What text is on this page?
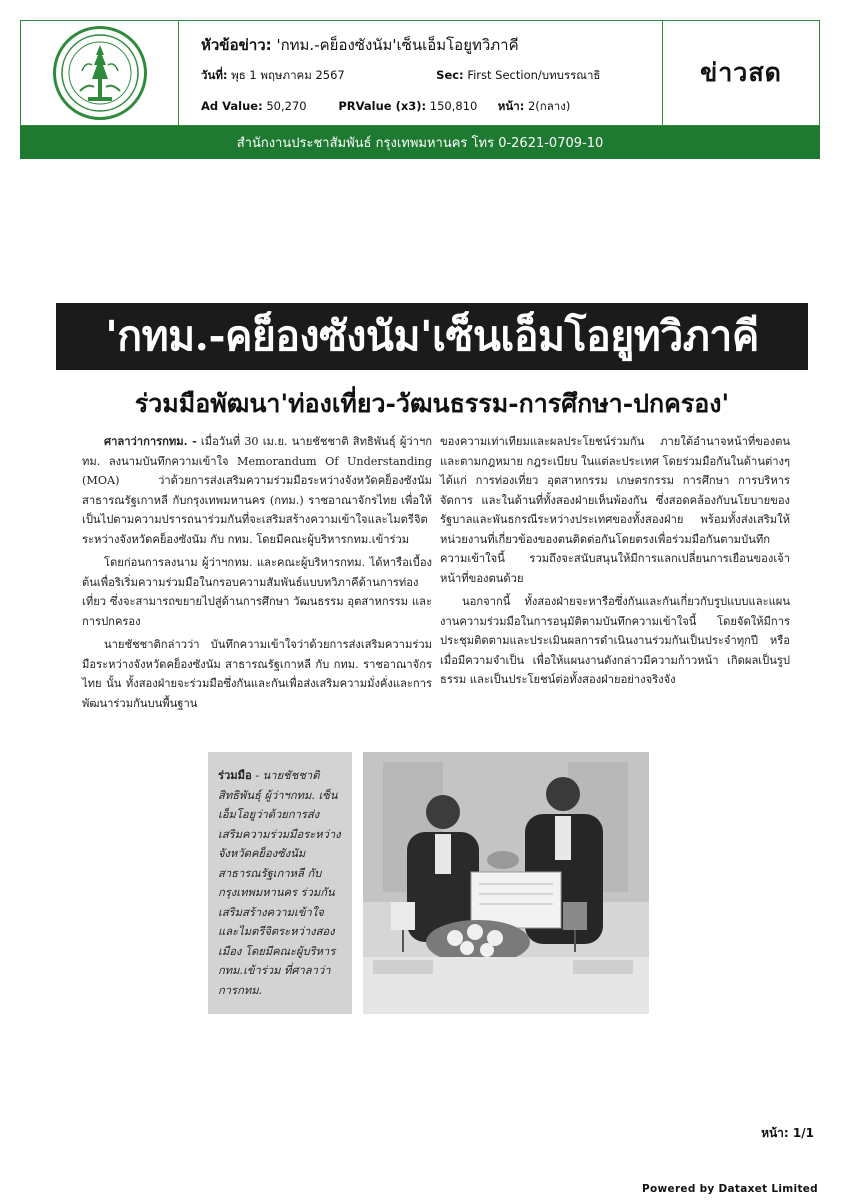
หัวข้อข่าว:
'กทม.-คย็องซังนัม'เซ็นเอ็มโอยูทวิภาคี
วันที่:
พุธ 1 พฤษภาคม 2567	Sec:
First Section/บทบรรณาธิ
Ad Value:
50,270	PRValue (x3):
150,810	หน้า:
2(กลาง)
ข่าวสด
สำนักงานประชาสัมพันธ์ กรุงเทพมหานคร โทร 0-2621-0709-10
'กทม.-คย็องซังนัม'เซ็นเอ็มโอยูทวิภาคี
ร่วมมือพัฒนา'ท่องเที่ยว-วัฒนธรรม-การศึกษา-ปกครอง'

ศาลาว่าการกทม. - เมื่อวันที่ 30 เม.ย. นายชัชชาติ สิทธิพันธุ์ ผู้ว่าฯกทม. ลงนามบันทึกความเข้าใจ Memorandum Of Understanding (MOA) ว่าด้วยการส่งเสริมความร่วมมือระหว่างจังหวัดคย็องซังนัม สาธารณรัฐเกาหลี กับกรุงเทพมหานคร (กทม.) ราชอาณาจักรไทย เพื่อให้เป็นไปตามความปรารถนาร่วมกันที่จะเสริมสร้างความเข้าใจและไมตรีจิตระหว่างจังหวัดคย็องซังนัม กับ กทม. โดยมีคณะผู้บริหารกทม.เข้าร่วม

โดยก่อนการลงนาม ผู้ว่าฯกทม. และคณะผู้บริหารกทม. ได้หารือเบื้องต้นเพื่อริเริ่มความร่วมมือในกรอบความสัมพันธ์แบบทวิภาคีด้านการท่องเที่ยว ซึ่งจะสามารถขยายไปสู่ด้านการศึกษา วัฒนธรรม อุตสาหกรรม และการปกครอง

นายชัชชาติกล่าวว่า บันทึกความเข้าใจว่าด้วยการส่งเสริมความร่วมมือระหว่างจังหวัดคย็องซังนัม สาธารณรัฐเกาหลี กับ กทม. ราชอาณาจักรไทย นั้น ทั้งสองฝ่ายจะร่วมมือซึ่งกันและกันเพื่อส่งเสริมความมั่งคั่งและการพัฒนาร่วมกันบนพื้นฐาน

ของความเท่าเทียมและผลประโยชน์ร่วมกัน ภายใต้อำนาจหน้าที่ของตน และตามกฎหมาย กฎระเบียบ ในแต่ละประเทศ โดยร่วมมือกันในด้านต่างๆ ได้แก่ การท่องเที่ยว อุตสาหกรรม เกษตรกรรม การศึกษา การบริหารจัดการ และในด้านที่ทั้งสองฝ่ายเห็นพ้องกัน ซึ่งสอดคล้องกับนโยบายของรัฐบาลและพันธกรณีระหว่างประเทศของทั้งสองฝ่าย พร้อมทั้งส่งเสริมให้หน่วยงานที่เกี่ยวข้องของตนติดต่อกันโดยตรงเพื่อร่วมมือกันตามบันทึกความเข้าใจนี้ รวมถึงจะสนับสนุนให้มีการแลกเปลี่ยนการเยือนของเจ้าหน้าที่ของตนด้วย

นอกจากนี้ ทั้งสองฝ่ายจะหารือซึ่งกันและกันเกี่ยวกับรูปแบบและแผนงานความร่วมมือในการอนุมัติตามบันทึกความเข้าใจนี้ โดยจัดให้มีการประชุมติดตามและประเมินผลการดำเนินงานร่วมกันเป็นประจำทุกปี หรือเมื่อมีความจำเป็น เพื่อให้แผนงานดังกล่าวมีความก้าวหน้า เกิดผลเป็นรูปธรรม และเป็นประโยชน์ต่อทั้งสองฝ่ายอย่างจริงจัง

ร่วมมือ - นายชัชชาติ สิทธิพันธุ์ ผู้ว่าฯกทม. เซ็นเอ็มโอยูว่าด้วยการส่งเสริมความร่วมมือระหว่างจังหวัดคย็องซังนัม สาธารณรัฐเกาหลี กับ กรุงเทพมหานคร ร่วมกันเสริมสร้างความเข้าใจและไมตรีจิตระหว่างสองเมือง โดยมีคณะผู้บริหารกทม.เข้าร่วม ที่ศาลาว่าการกทม.
หน้า: 1/1
Powered by Dataxet Limited
